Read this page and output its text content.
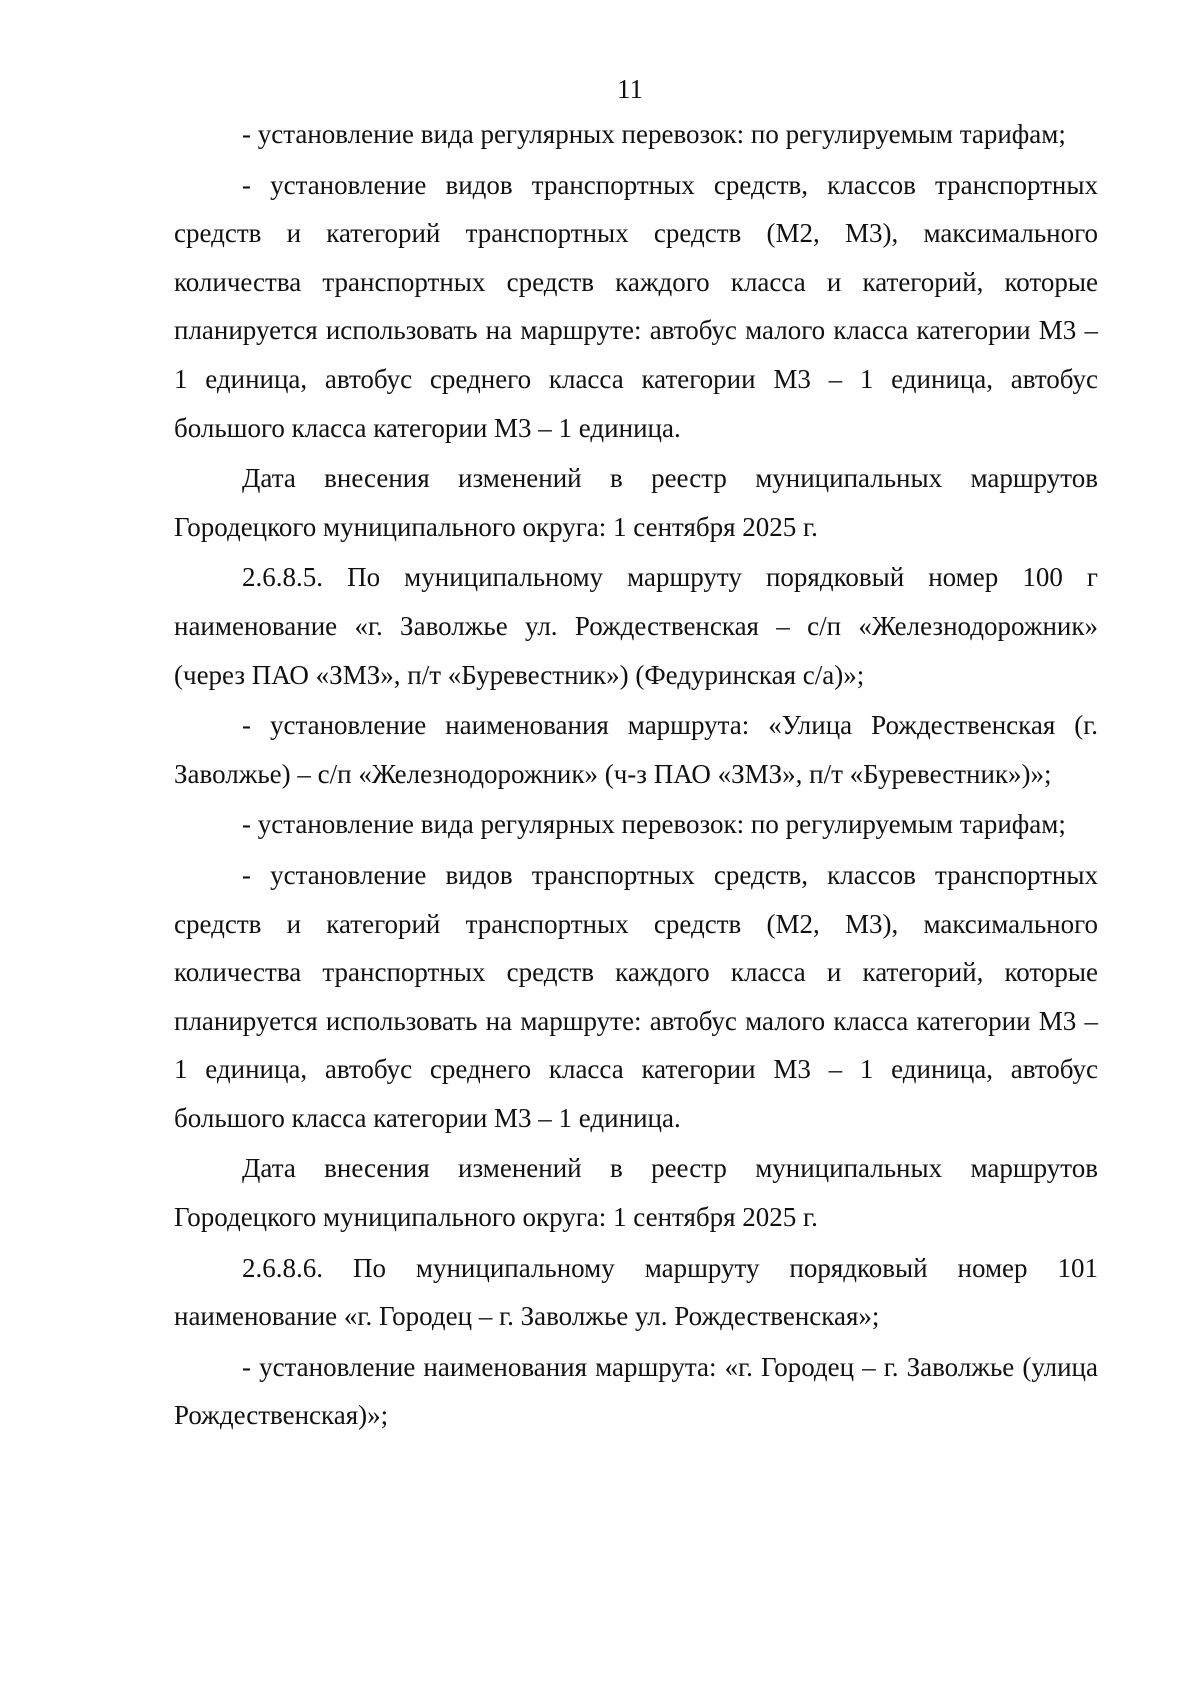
11

- установление вида регулярных перевозок: по регулируемым тарифам;

- установление видов транспортных средств, классов транспортных средств и категорий транспортных средств (М2, М3), максимального количества транспортных средств каждого класса и категорий, которые планируется использовать на маршруте: автобус малого класса категории М3 – 1 единица, автобус среднего класса категории М3 – 1 единица, автобус большого класса категории М3 – 1 единица.

Дата внесения изменений в реестр муниципальных маршрутов Городецкого муниципального округа: 1 сентября 2025 г.

2.6.8.5. По муниципальному маршруту порядковый номер 100 г наименование «г. Заволжье ул. Рождественская – с/п «Железнодорожник» (через ПАО «ЗМЗ», п/т «Буревестник») (Федуринская с/а)»;

- установление наименования маршрута: «Улица Рождественская (г. Заволжье) – с/п «Железнодорожник» (ч-з ПАО «ЗМЗ», п/т «Буревестник»)»;

- установление вида регулярных перевозок: по регулируемым тарифам;

- установление видов транспортных средств, классов транспортных средств и категорий транспортных средств (М2, М3), максимального количества транспортных средств каждого класса и категорий, которые планируется использовать на маршруте: автобус малого класса категории М3 – 1 единица, автобус среднего класса категории М3 – 1 единица, автобус большого класса категории М3 – 1 единица.

Дата внесения изменений в реестр муниципальных маршрутов Городецкого муниципального округа: 1 сентября 2025 г.

2.6.8.6. По муниципальному маршруту порядковый номер 101 наименование «г. Городец – г. Заволжье ул. Рождественская»;

- установление наименования маршрута: «г. Городец – г. Заволжье (улица Рождественская)»;
